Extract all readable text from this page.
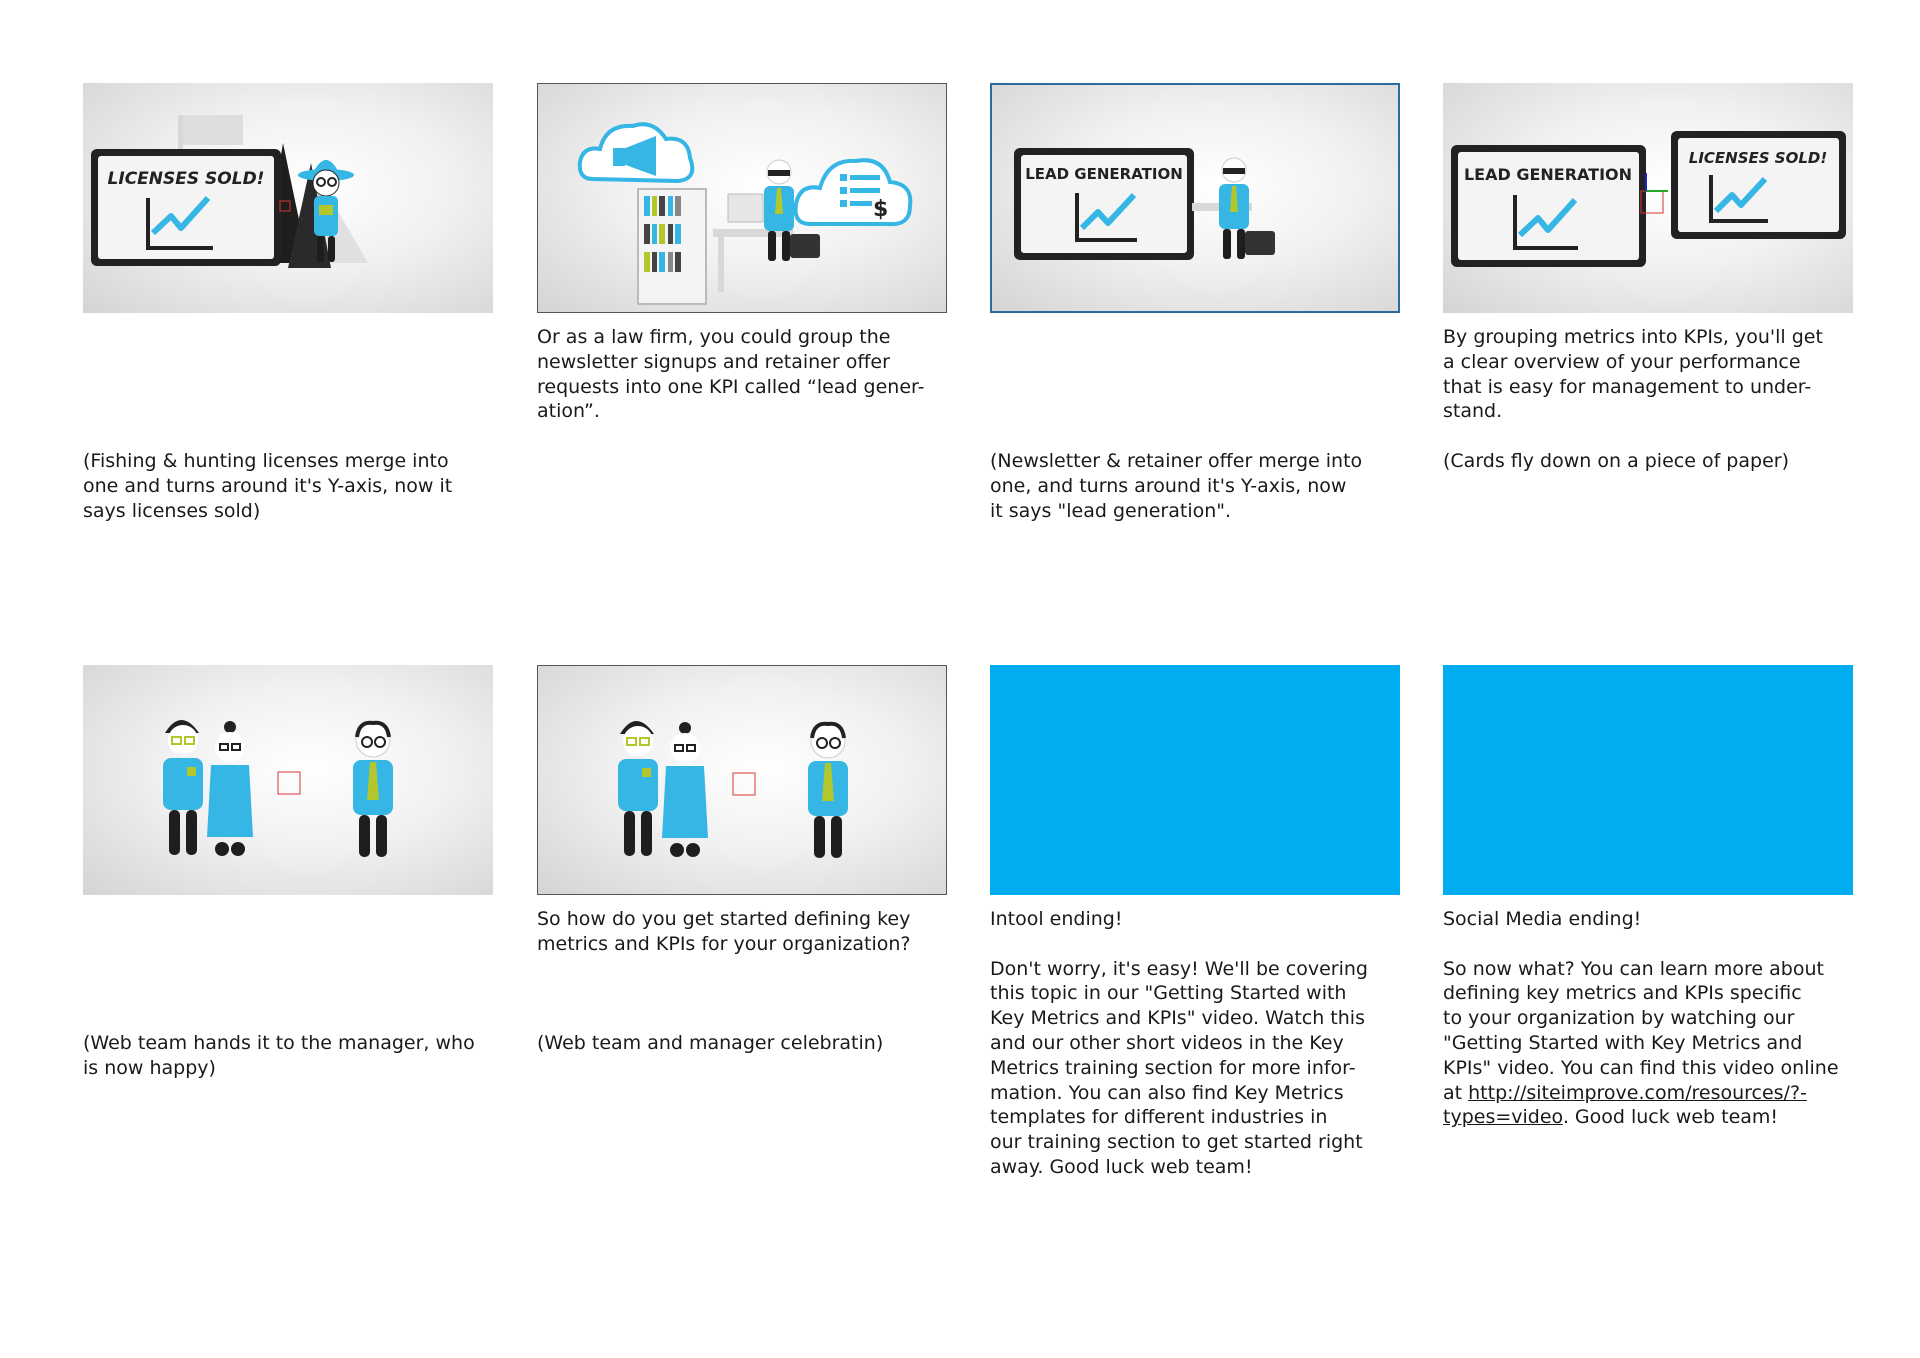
LICENSES SOLD!
(Fishing & hunting licenses merge into
one and turns around it's Y-axis, now it
says licenses sold)
$
Or as a law firm, you could group the
newsletter signups and retainer offer
requests into one KPI called “lead gener-
ation”.
LEAD GENERATION
(Newsletter & retainer offer merge into
one, and turns around it's Y-axis, now
it says "lead generation".
LEAD GENERATION
LICENSES SOLD!
By grouping metrics into KPIs, you'll get
a clear overview of your performance
that is easy for management to under-
stand.
(Cards fly down on a piece of paper)
(Web team hands it to the manager, who
is now happy)
So how do you get started defining key
metrics and KPIs for your organization?
(Web team and manager celebratin)
Intool ending!

Don't worry, it's easy! We'll be covering
this topic in our "Getting Started with
Key Metrics and KPIs" video. Watch this
and our other short videos in the Key
Metrics training section for more infor-
mation. You can also find Key Metrics
templates for different industries in
our training section to get started right
away. Good luck web team!
Social Media ending!

So now what? You can learn more about
defining key metrics and KPIs specific
to your organization by watching our
"Getting Started with Key Metrics and
KPIs" video. You can find this video online
at http://siteimprove.com/resources/?-
types=video. Good luck web team!
